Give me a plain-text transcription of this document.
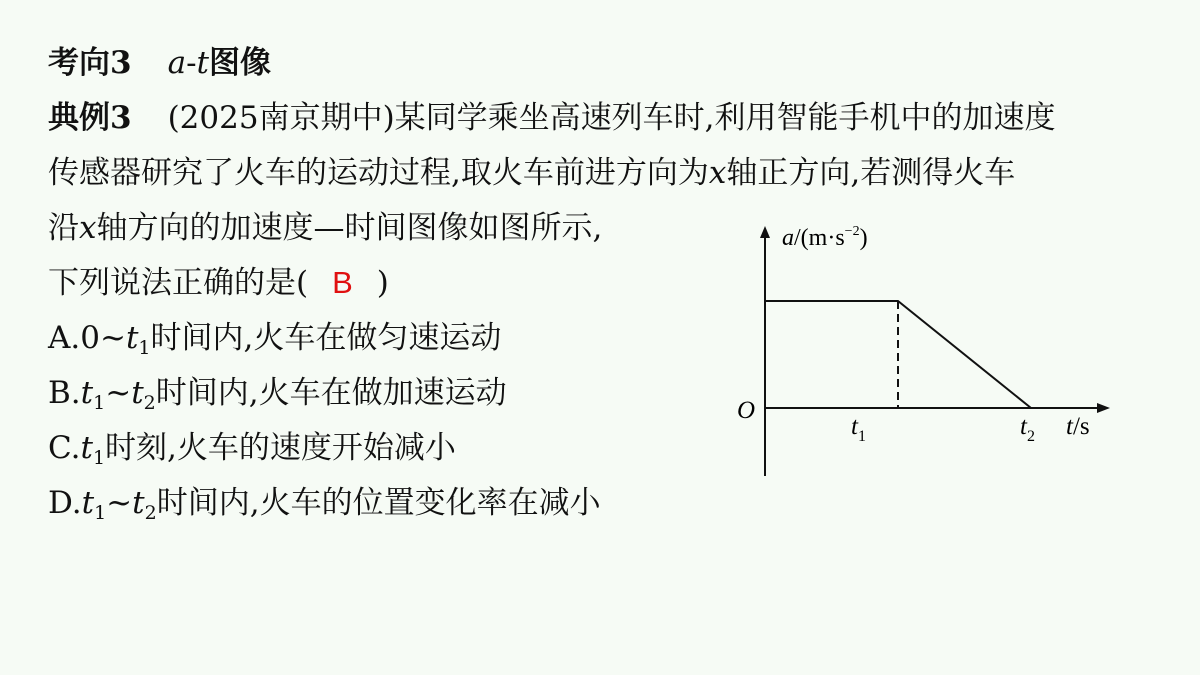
考向3 a-t图像
典例3 (2025南京期中)某同学乘坐高速列车时,利用智能手机中的加速度
传感器研究了火车的运动过程,取火车前进方向为x轴正方向,若测得火车
沿x轴方向的加速度—时间图像如图所示,
下列说法正确的是( B )
$A.0\sim t_1$时间内,火车在做匀速运动
$B.t_1\sim t_2$时间内,火车在做加速运动
$C.t_1$时刻,火车的速度开始减小
$D.t_1\sim t_2$时间内,火车的位置变化率在减小
$a/(m\cdot s^{-2})$
O
$t_1$	$t_2$ t/s
